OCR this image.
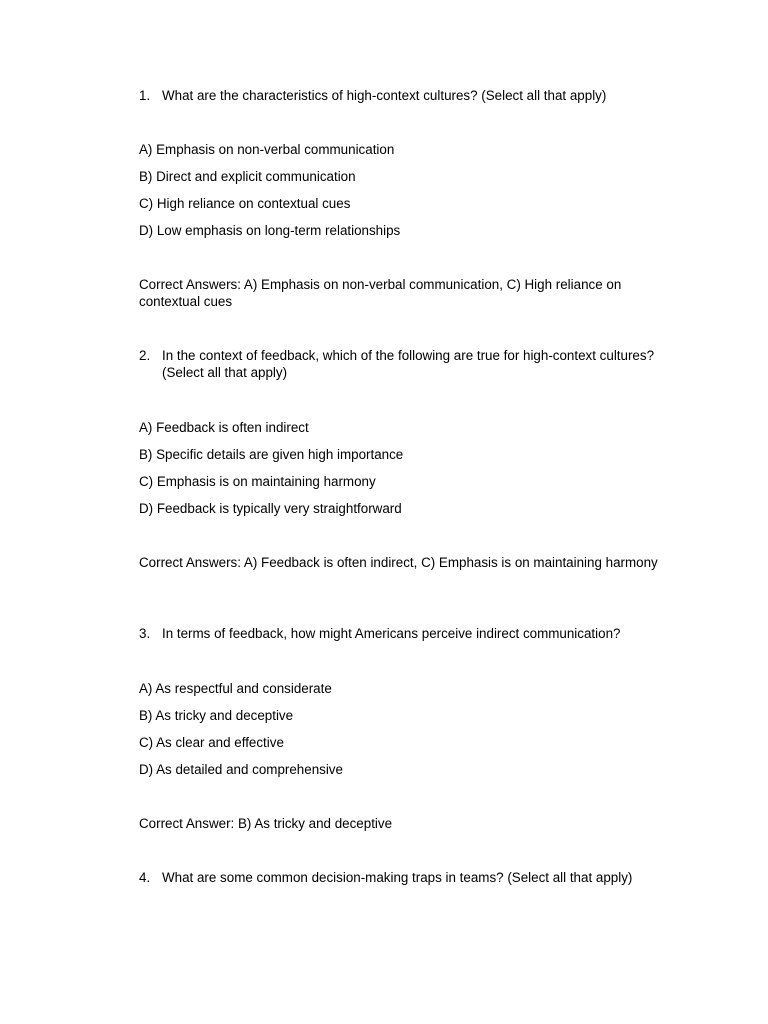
1. What are the characteristics of high-context cultures? (Select all that apply)
A) Emphasis on non-verbal communication
B) Direct and explicit communication
C) High reliance on contextual cues
D) Low emphasis on long-term relationships
Correct Answers: A) Emphasis on non-verbal communication, C) High reliance on contextual cues
2. In the context of feedback, which of the following are true for high-context cultures? (Select all that apply)
A) Feedback is often indirect
B) Specific details are given high importance
C) Emphasis is on maintaining harmony
D) Feedback is typically very straightforward
Correct Answers: A) Feedback is often indirect, C) Emphasis is on maintaining harmony
3. In terms of feedback, how might Americans perceive indirect communication?
A) As respectful and considerate
B) As tricky and deceptive
C) As clear and effective
D) As detailed and comprehensive
Correct Answer: B) As tricky and deceptive
4. What are some common decision-making traps in teams? (Select all that apply)
